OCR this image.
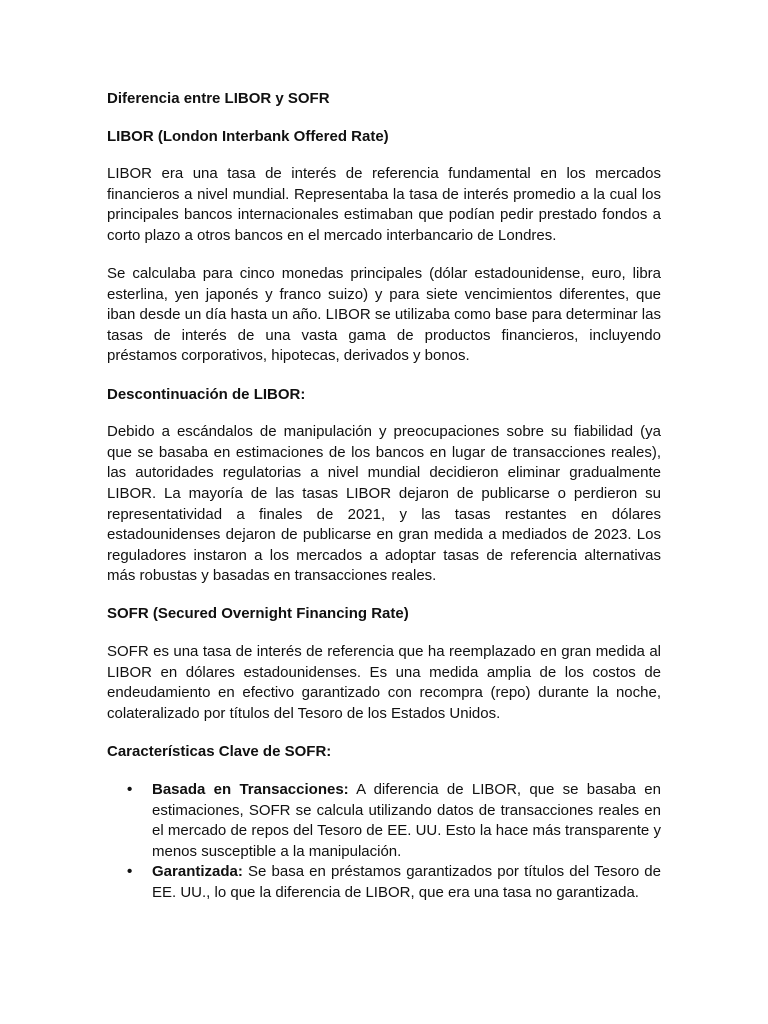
Diferencia entre LIBOR y SOFR
LIBOR (London Interbank Offered Rate)

LIBOR era una tasa de interés de referencia fundamental en los mercados financieros a nivel mundial. Representaba la tasa de interés promedio a la cual los principales bancos internacionales estimaban que podían pedir prestado fondos a corto plazo a otros bancos en el mercado interbancario de Londres.

Se calculaba para cinco monedas principales (dólar estadounidense, euro, libra esterlina, yen japonés y franco suizo) y para siete vencimientos diferentes, que iban desde un día hasta un año. LIBOR se utilizaba como base para determinar las tasas de interés de una vasta gama de productos financieros, incluyendo préstamos corporativos, hipotecas, derivados y bonos.

Descontinuación de LIBOR:

Debido a escándalos de manipulación y preocupaciones sobre su fiabilidad (ya que se basaba en estimaciones de los bancos en lugar de transacciones reales), las autoridades regulatorias a nivel mundial decidieron eliminar gradualmente LIBOR. La mayoría de las tasas LIBOR dejaron de publicarse o perdieron su representatividad a finales de 2021, y las tasas restantes en dólares estadounidenses dejaron de publicarse en gran medida a mediados de 2023. Los reguladores instaron a los mercados a adoptar tasas de referencia alternativas más robustas y basadas en transacciones reales.

SOFR (Secured Overnight Financing Rate)

SOFR es una tasa de interés de referencia que ha reemplazado en gran medida al LIBOR en dólares estadounidenses. Es una medida amplia de los costos de endeudamiento en efectivo garantizado con recompra (repo) durante la noche, colateralizado por títulos del Tesoro de los Estados Unidos.

Características Clave de SOFR:
• Basada en Transacciones: A diferencia de LIBOR, que se basaba en estimaciones, SOFR se calcula utilizando datos de transacciones reales en el mercado de repos del Tesoro de EE. UU. Esto la hace más transparente y menos susceptible a la manipulación.
• Garantizada: Se basa en préstamos garantizados por títulos del Tesoro de EE. UU., lo que la diferencia de LIBOR, que era una tasa no garantizada.
